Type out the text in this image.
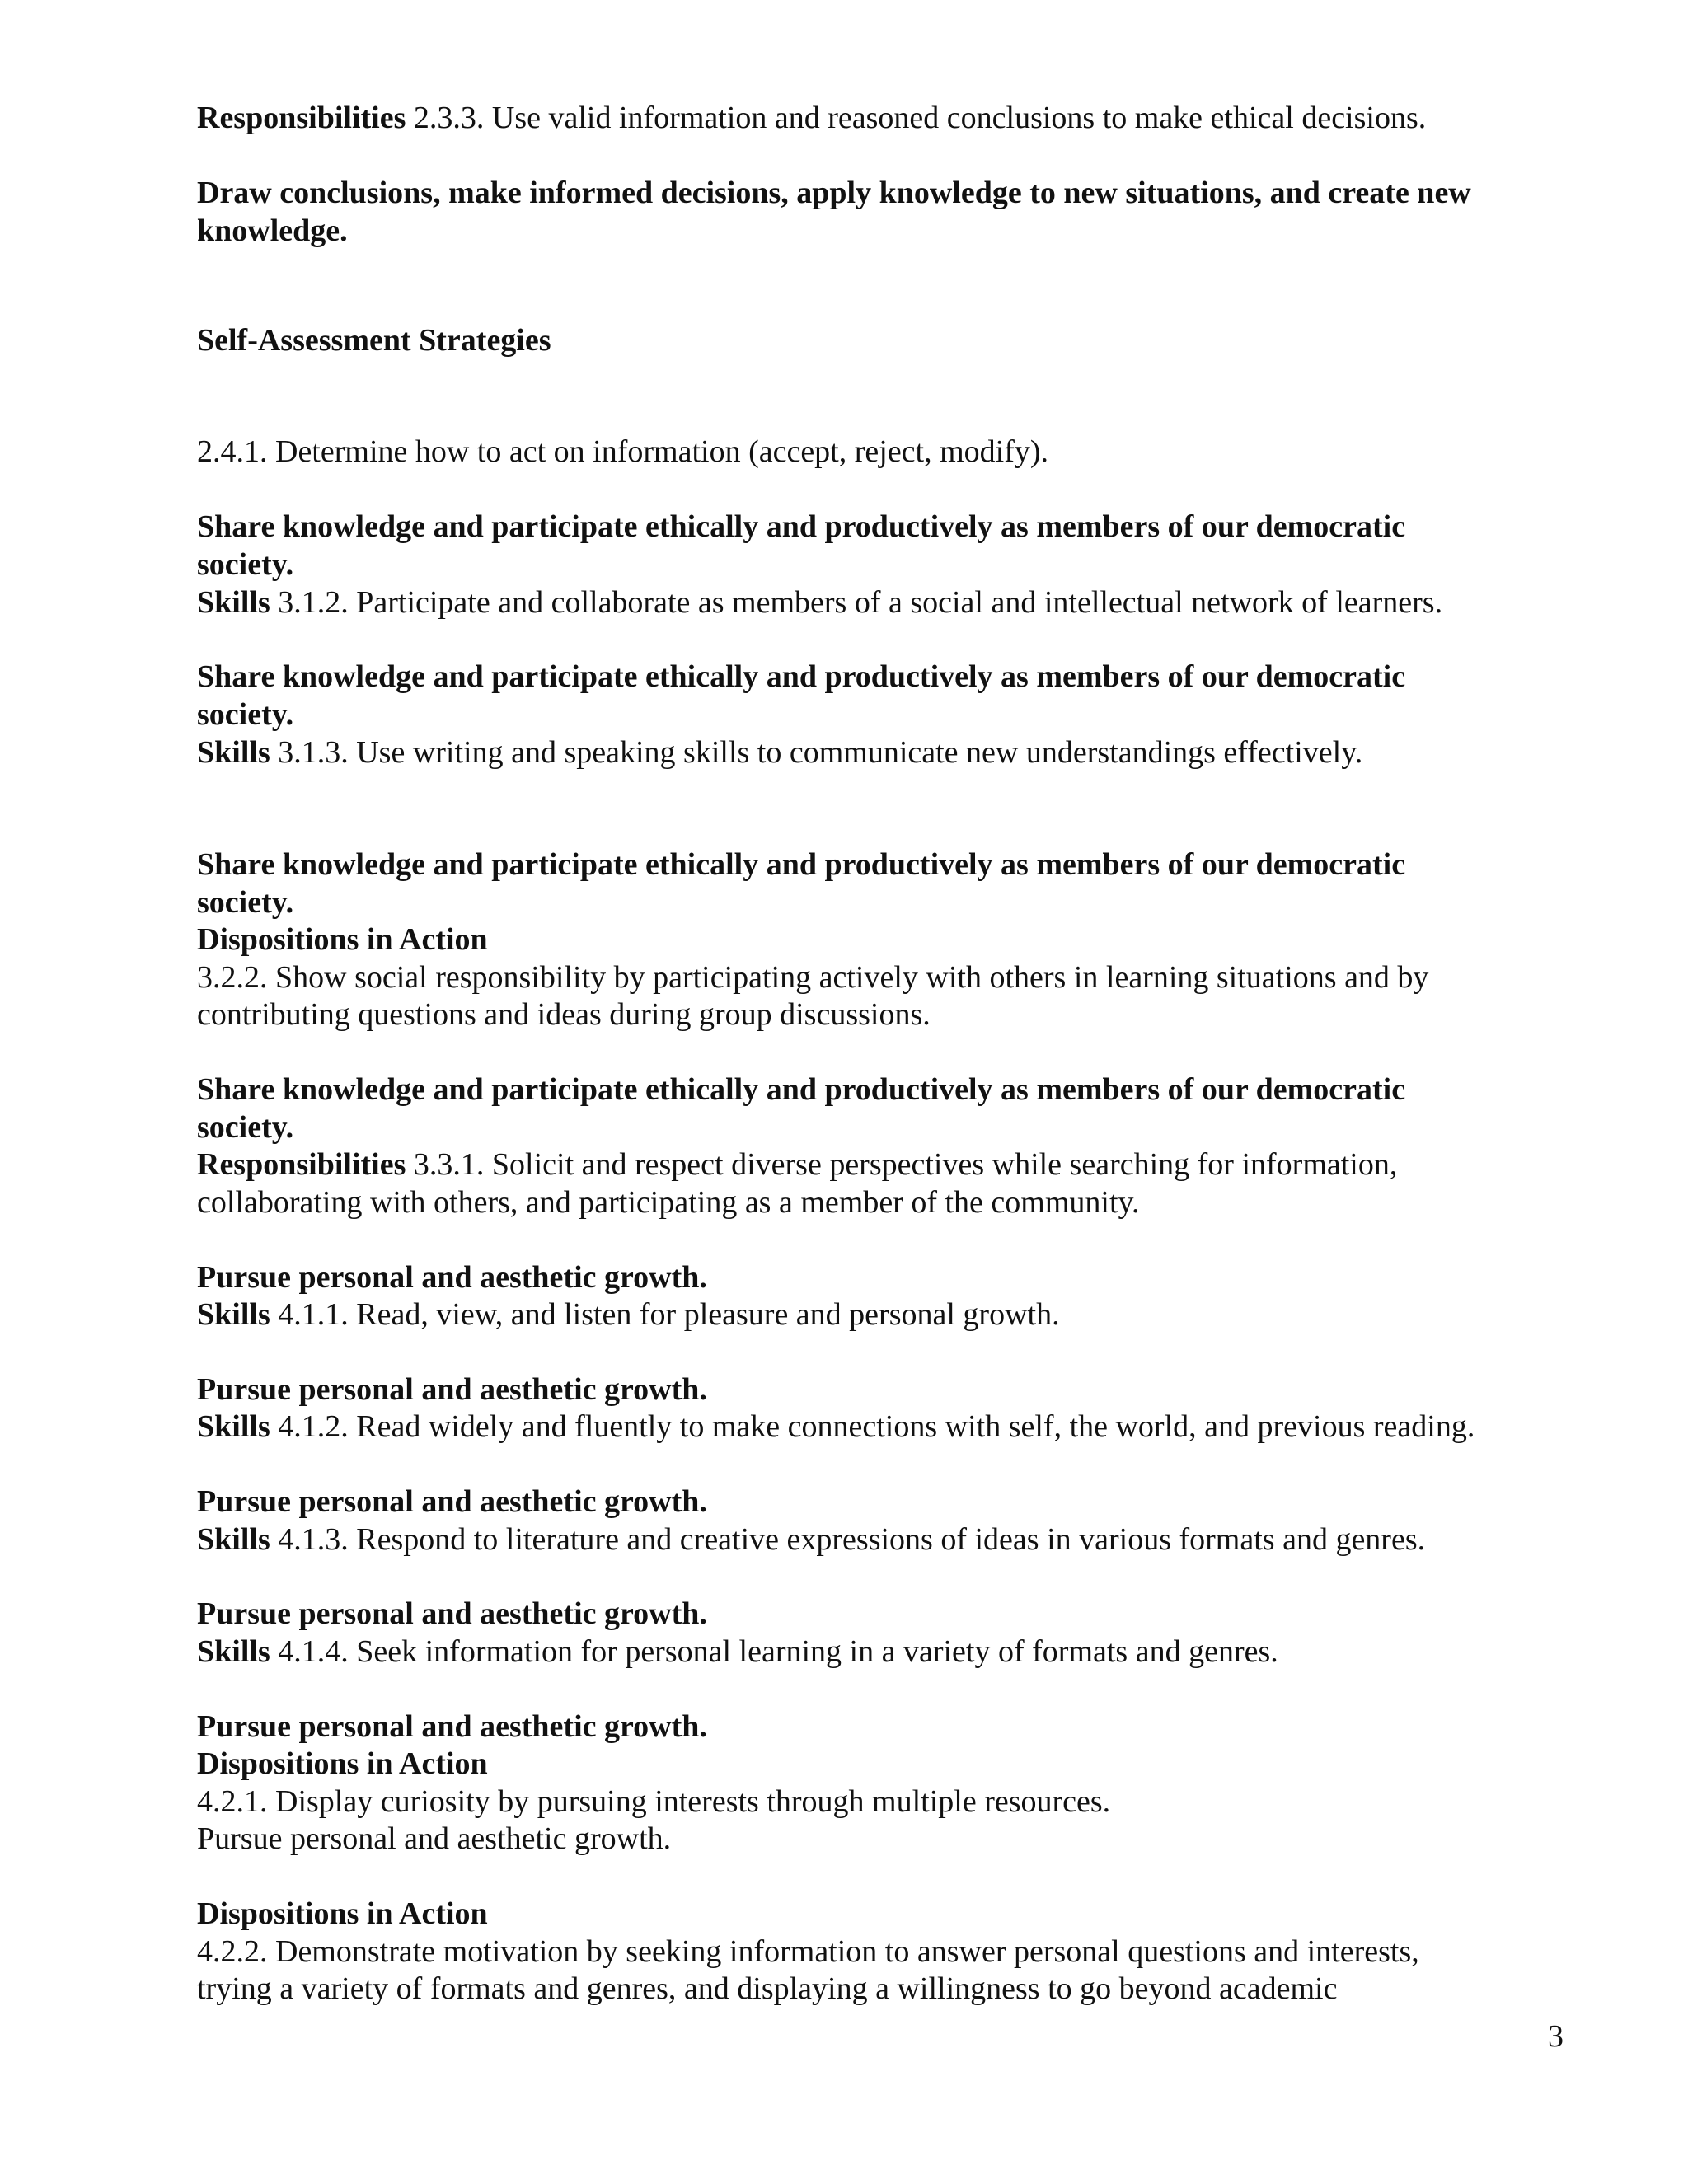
Responsibilities 2.3.3. Use valid information and reasoned conclusions to make ethical decisions.

Draw conclusions, make informed decisions, apply knowledge to new situations, and create new

knowledge.

Self-Assessment Strategies

2.4.1. Determine how to act on information (accept, reject, modify).

Share knowledge and participate ethically and productively as members of our democratic

society.

Skills 3.1.2. Participate and collaborate as members of a social and intellectual network of learners.

Share knowledge and participate ethically and productively as members of our democratic

society.

Skills 3.1.3. Use writing and speaking skills to communicate new understandings effectively.

Share knowledge and participate ethically and productively as members of our democratic

society.

Dispositions in Action

3.2.2. Show social responsibility by participating actively with others in learning situations and by

contributing questions and ideas during group discussions.

Share knowledge and participate ethically and productively as members of our democratic

society.

Responsibilities 3.3.1. Solicit and respect diverse perspectives while searching for information,

collaborating with others, and participating as a member of the community.

Pursue personal and aesthetic growth.

Skills 4.1.1. Read, view, and listen for pleasure and personal growth.

Pursue personal and aesthetic growth.

Skills 4.1.2. Read widely and fluently to make connections with self, the world, and previous reading.

Pursue personal and aesthetic growth.

Skills 4.1.3. Respond to literature and creative expressions of ideas in various formats and genres.

Pursue personal and aesthetic growth.

Skills 4.1.4. Seek information for personal learning in a variety of formats and genres.

Pursue personal and aesthetic growth.

Dispositions in Action

4.2.1. Display curiosity by pursuing interests through multiple resources.

Pursue personal and aesthetic growth.

Dispositions in Action

4.2.2. Demonstrate motivation by seeking information to answer personal questions and interests,

trying a variety of formats and genres, and displaying a willingness to go beyond academic

3
